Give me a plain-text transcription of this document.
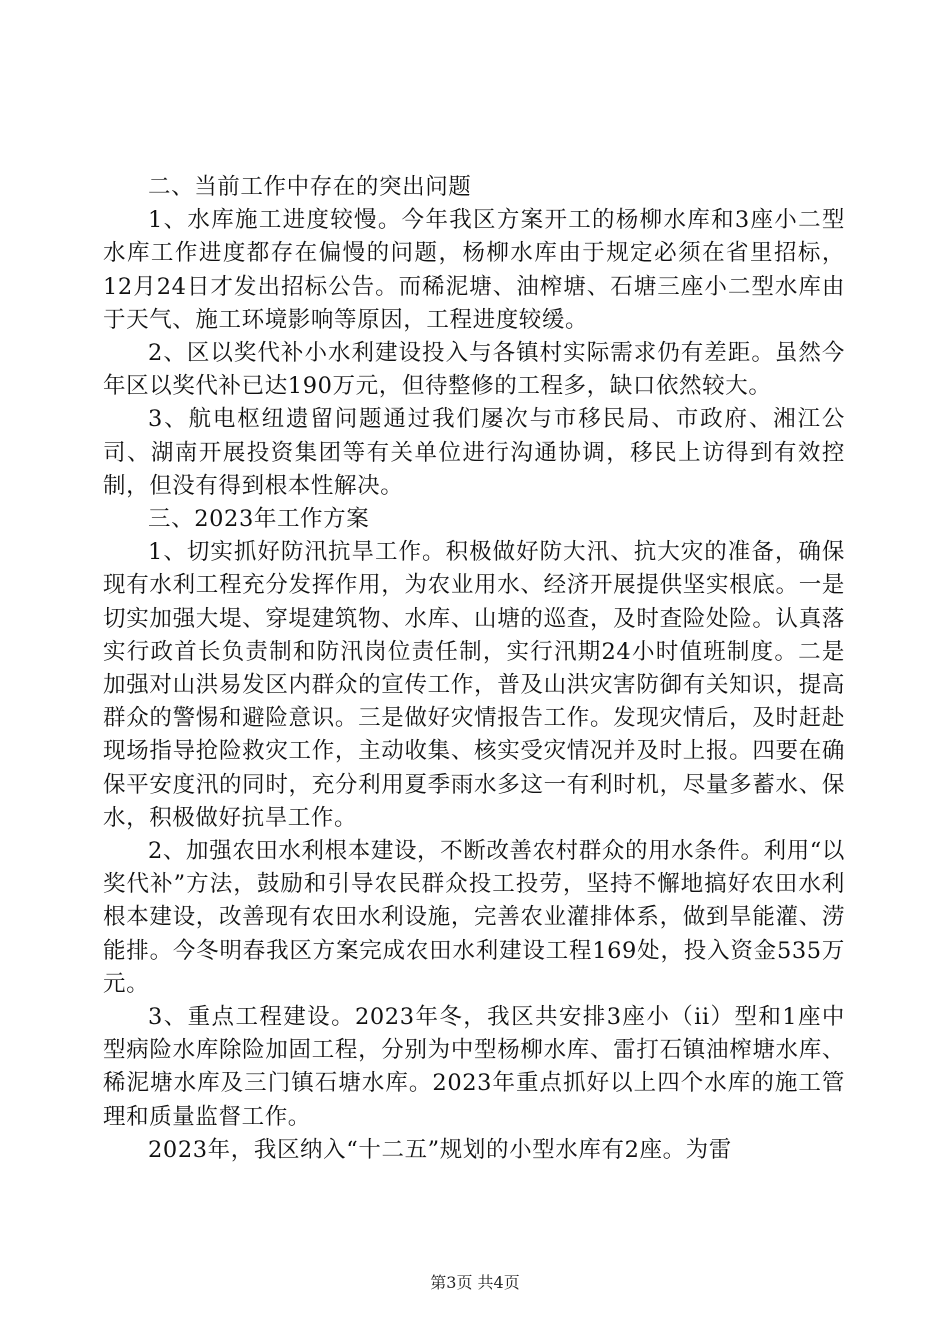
二、当前工作中存在的突出问题

1、水库施工进度较慢。今年我区方案开工的杨柳水库和3座小二型水库工作进度都存在偏慢的问题，杨柳水库由于规定必须在省里招标，12月24日才发出招标公告。而稀泥塘、油榨塘、石塘三座小二型水库由于天气、施工环境影响等原因，工程进度较缓。

2、区以奖代补小水利建设投入与各镇村实际需求仍有差距。虽然今年区以奖代补已达190万元，但待整修的工程多，缺口依然较大。

3、航电枢纽遗留问题通过我们屡次与市移民局、市政府、湘江公司、湖南开展投资集团等有关单位进行沟通协调，移民上访得到有效控制，但没有得到根本性解决。

三、2023年工作方案

1、切实抓好防汛抗旱工作。积极做好防大汛、抗大灾的准备，确保现有水利工程充分发挥作用，为农业用水、经济开展提供坚实根底。一是切实加强大堤、穿堤建筑物、水库、山塘的巡查，及时查险处险。认真落实行政首长负责制和防汛岗位责任制，实行汛期24小时值班制度。二是加强对山洪易发区内群众的宣传工作，普及山洪灾害防御有关知识，提高群众的警惕和避险意识。三是做好灾情报告工作。发现灾情后，及时赶赴现场指导抢险救灾工作，主动收集、核实受灾情况并及时上报。四要在确保平安度汛的同时，充分利用夏季雨水多这一有利时机，尽量多蓄水、保水，积极做好抗旱工作。

2、加强农田水利根本建设，不断改善农村群众的用水条件。利用“以奖代补”方法，鼓励和引导农民群众投工投劳，坚持不懈地搞好农田水利根本建设，改善现有农田水利设施，完善农业灌排体系，做到旱能灌、涝能排。今冬明春我区方案完成农田水利建设工程169处，投入资金535万元。

3、重点工程建设。2023年冬，我区共安排3座小（ii）型和1座中型病险水库除险加固工程，分别为中型杨柳水库、雷打石镇油榨塘水库、稀泥塘水库及三门镇石塘水库。2023年重点抓好以上四个水库的施工管理和质量监督工作。

2023年，我区纳入“十二五”规划的小型水库有2座。为雷

第3页 共4页
